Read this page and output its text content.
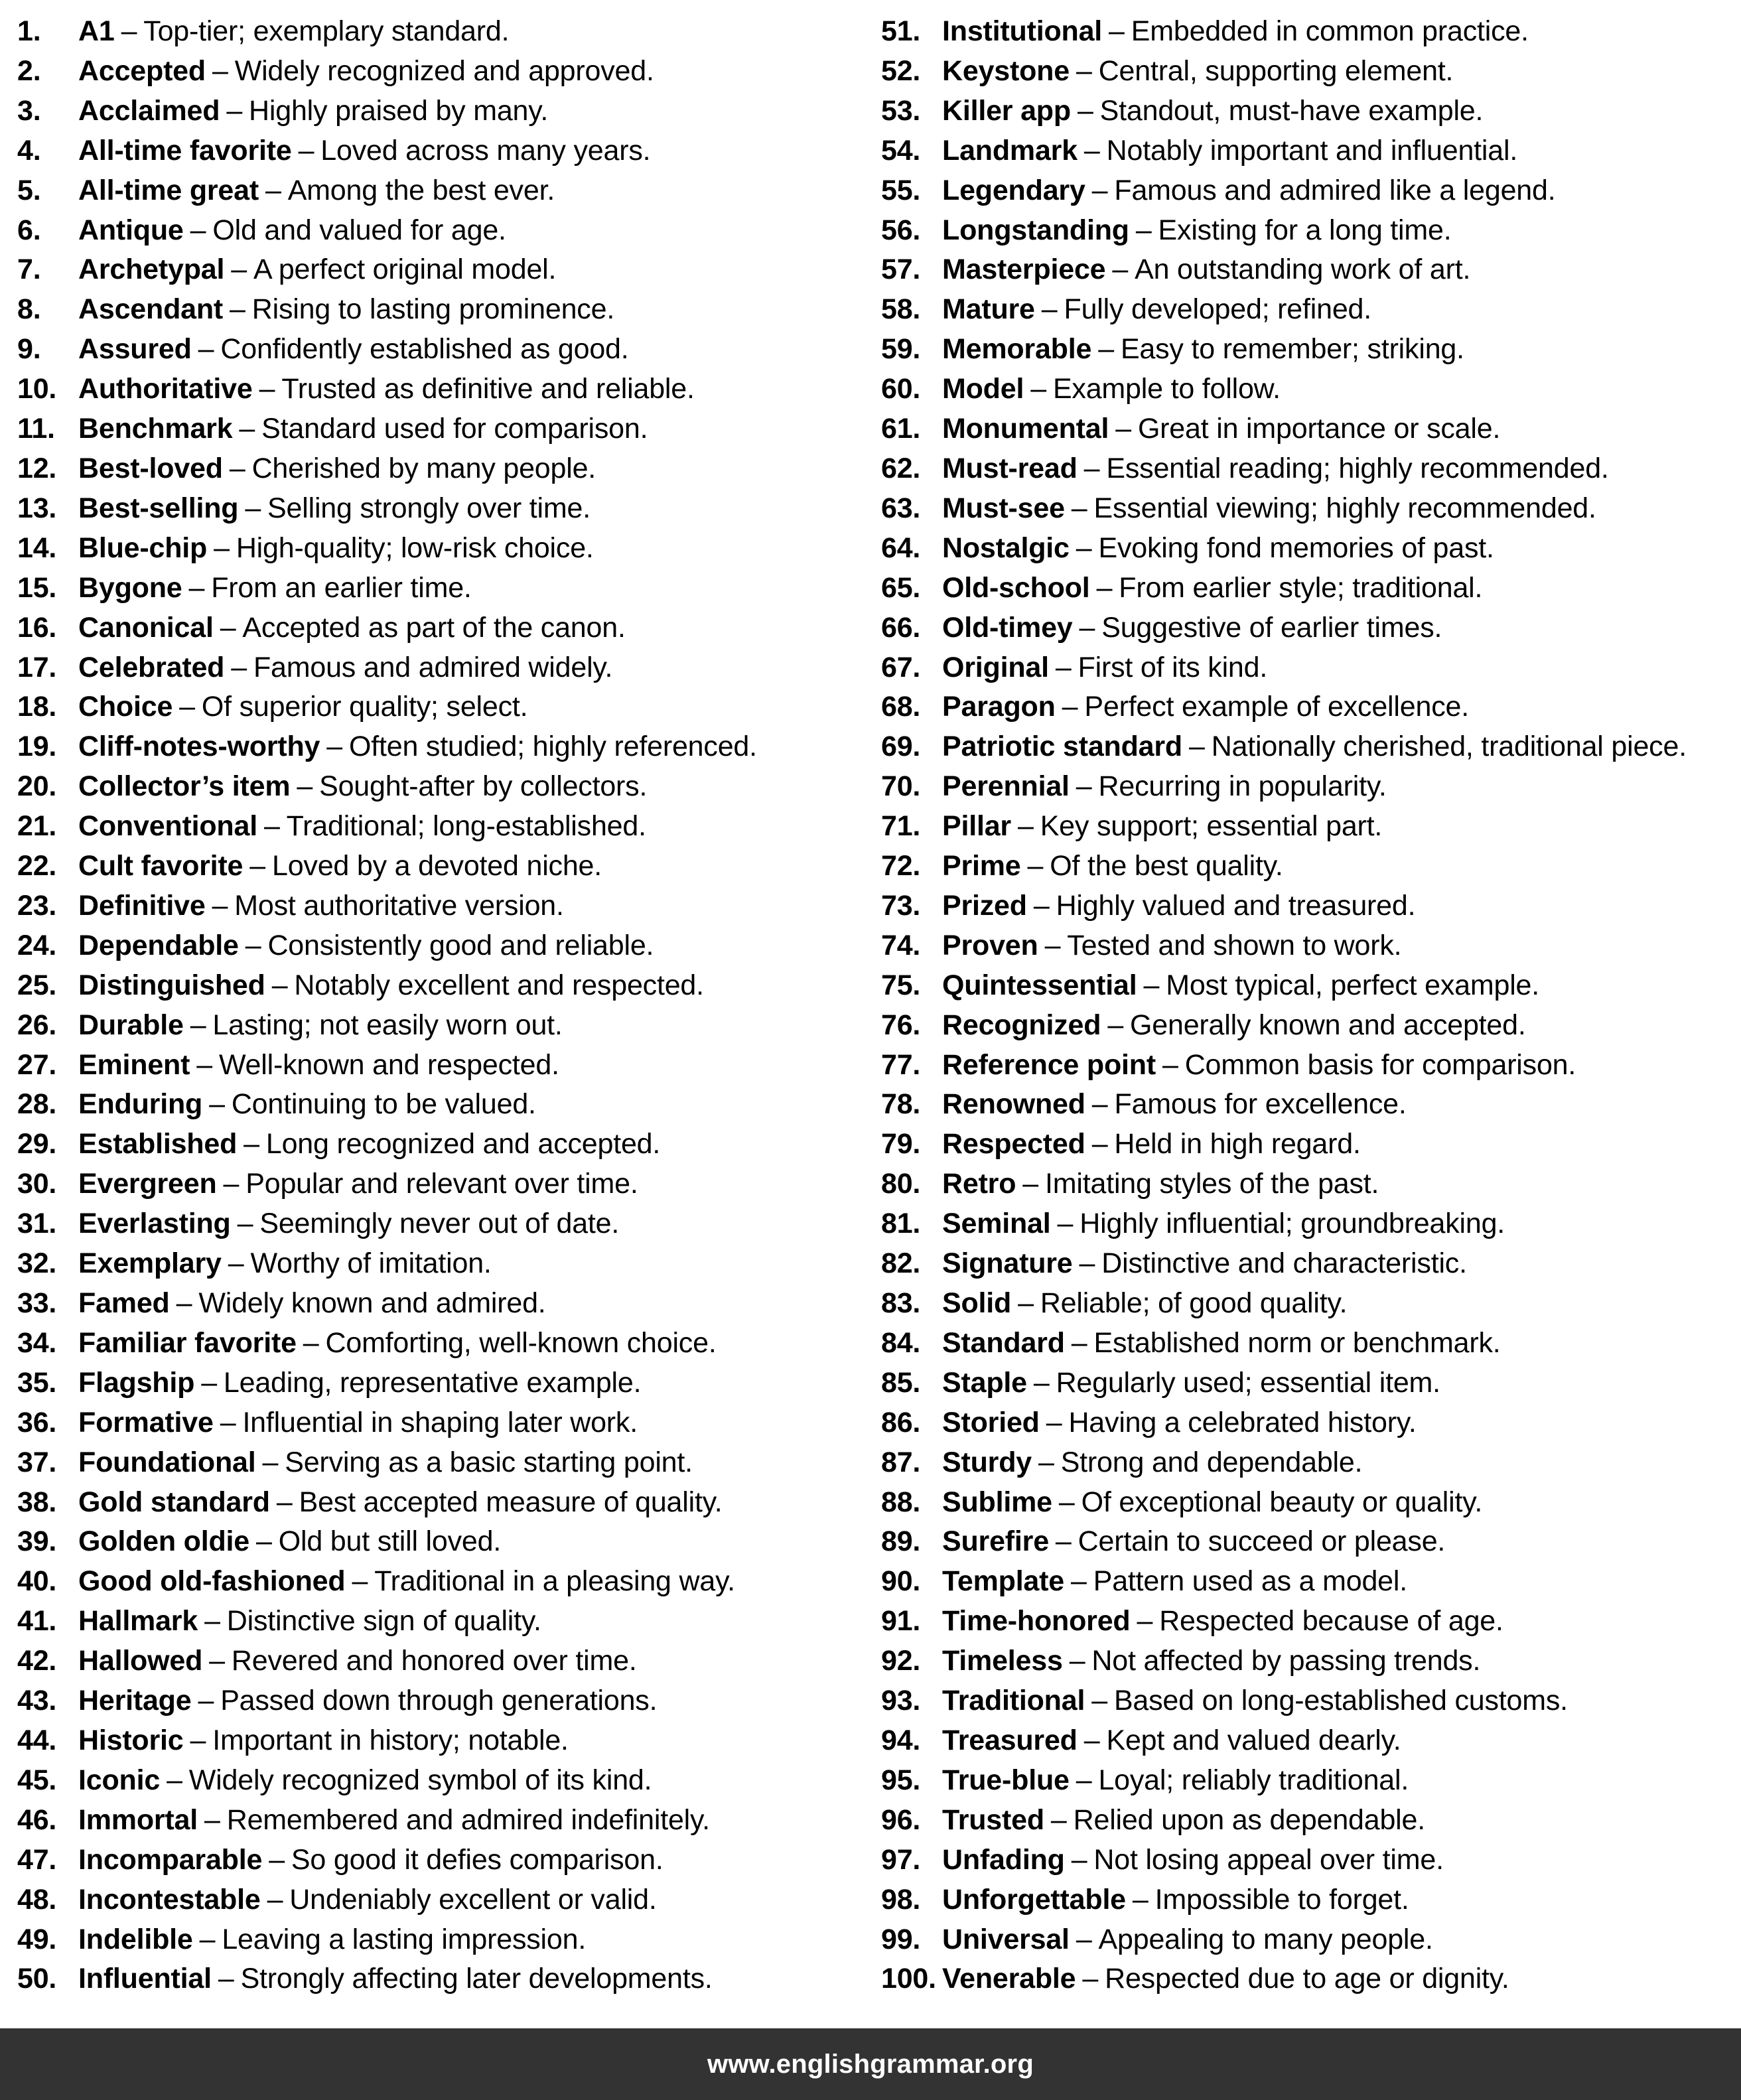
1.	A1 – Top-tier; exemplary standard.
2.	Accepted – Widely recognized and approved.
3.	Acclaimed – Highly praised by many.
4.	All-time favorite – Loved across many years.
5.	All-time great – Among the best ever.
6.	Antique – Old and valued for age.
7.	Archetypal – A perfect original model.
8.	Ascendant – Rising to lasting prominence.
9.	Assured – Confidently established as good.
10. Authoritative – Trusted as definitive and reliable.
11. Benchmark – Standard used for comparison.
12. Best-loved – Cherished by many people.
13. Best-selling – Selling strongly over time.
14. Blue-chip – High-quality; low-risk choice.
15. Bygone – From an earlier time.
16. Canonical – Accepted as part of the canon.
17. Celebrated – Famous and admired widely.
18. Choice – Of superior quality; select.
19. Cliff-notes-worthy – Often studied; highly referenced.
20. Collector’s item – Sought-after by collectors.
21. Conventional – Traditional; long-established.
22. Cult favorite – Loved by a devoted niche.
23. Definitive – Most authoritative version.
24. Dependable – Consistently good and reliable.
25. Distinguished – Notably excellent and respected.
26. Durable – Lasting; not easily worn out.
27. Eminent – Well-known and respected.
28. Enduring – Continuing to be valued.
29. Established – Long recognized and accepted.
30. Evergreen – Popular and relevant over time.
31. Everlasting – Seemingly never out of date.
32. Exemplary – Worthy of imitation.
33. Famed – Widely known and admired.
34. Familiar favorite – Comforting, well-known choice.
35. Flagship – Leading, representative example.
36. Formative – Influential in shaping later work.
37. Foundational – Serving as a basic starting point.
38. Gold standard – Best accepted measure of quality.
39. Golden oldie – Old but still loved.
40. Good old-fashioned – Traditional in a pleasing way.
41. Hallmark – Distinctive sign of quality.
42. Hallowed – Revered and honored over time.
43. Heritage – Passed down through generations.
44. Historic – Important in history; notable.
45. Iconic – Widely recognized symbol of its kind.
46. Immortal – Remembered and admired indefinitely.
47. Incomparable – So good it defies comparison.
48. Incontestable – Undeniably excellent or valid.
49. Indelible – Leaving a lasting impression.
50. Influential – Strongly affecting later developments.
51. Institutional – Embedded in common practice.
52. Keystone – Central, supporting element.
53. Killer app – Standout, must-have example.
54. Landmark – Notably important and influential.
55. Legendary – Famous and admired like a legend.
56. Longstanding – Existing for a long time.
57. Masterpiece – An outstanding work of art.
58. Mature – Fully developed; refined.
59. Memorable – Easy to remember; striking.
60. Model – Example to follow.
61. Monumental – Great in importance or scale.
62. Must-read – Essential reading; highly recommended.
63. Must-see – Essential viewing; highly recommended.
64. Nostalgic – Evoking fond memories of past.
65. Old-school – From earlier style; traditional.
66. Old-timey – Suggestive of earlier times.
67. Original – First of its kind.
68. Paragon – Perfect example of excellence.
69. Patriotic standard – Nationally cherished, traditional piece.
70. Perennial – Recurring in popularity.
71. Pillar – Key support; essential part.
72. Prime – Of the best quality.
73. Prized – Highly valued and treasured.
74. Proven – Tested and shown to work.
75. Quintessential – Most typical, perfect example.
76. Recognized – Generally known and accepted.
77. Reference point – Common basis for comparison.
78. Renowned – Famous for excellence.
79. Respected – Held in high regard.
80. Retro – Imitating styles of the past.
81. Seminal – Highly influential; groundbreaking.
82. Signature – Distinctive and characteristic.
83. Solid – Reliable; of good quality.
84. Standard – Established norm or benchmark.
85. Staple – Regularly used; essential item.
86. Storied – Having a celebrated history.
87. Sturdy – Strong and dependable.
88. Sublime – Of exceptional beauty or quality.
89. Surefire – Certain to succeed or please.
90. Template – Pattern used as a model.
91. Time-honored – Respected because of age.
92. Timeless – Not affected by passing trends.
93. Traditional – Based on long-established customs.
94. Treasured – Kept and valued dearly.
95. True-blue – Loyal; reliably traditional.
96. Trusted – Relied upon as dependable.
97. Unfading – Not losing appeal over time.
98. Unforgettable – Impossible to forget.
99. Universal – Appealing to many people.
100. Venerable – Respected due to age or dignity.
www.englishgrammar.org
